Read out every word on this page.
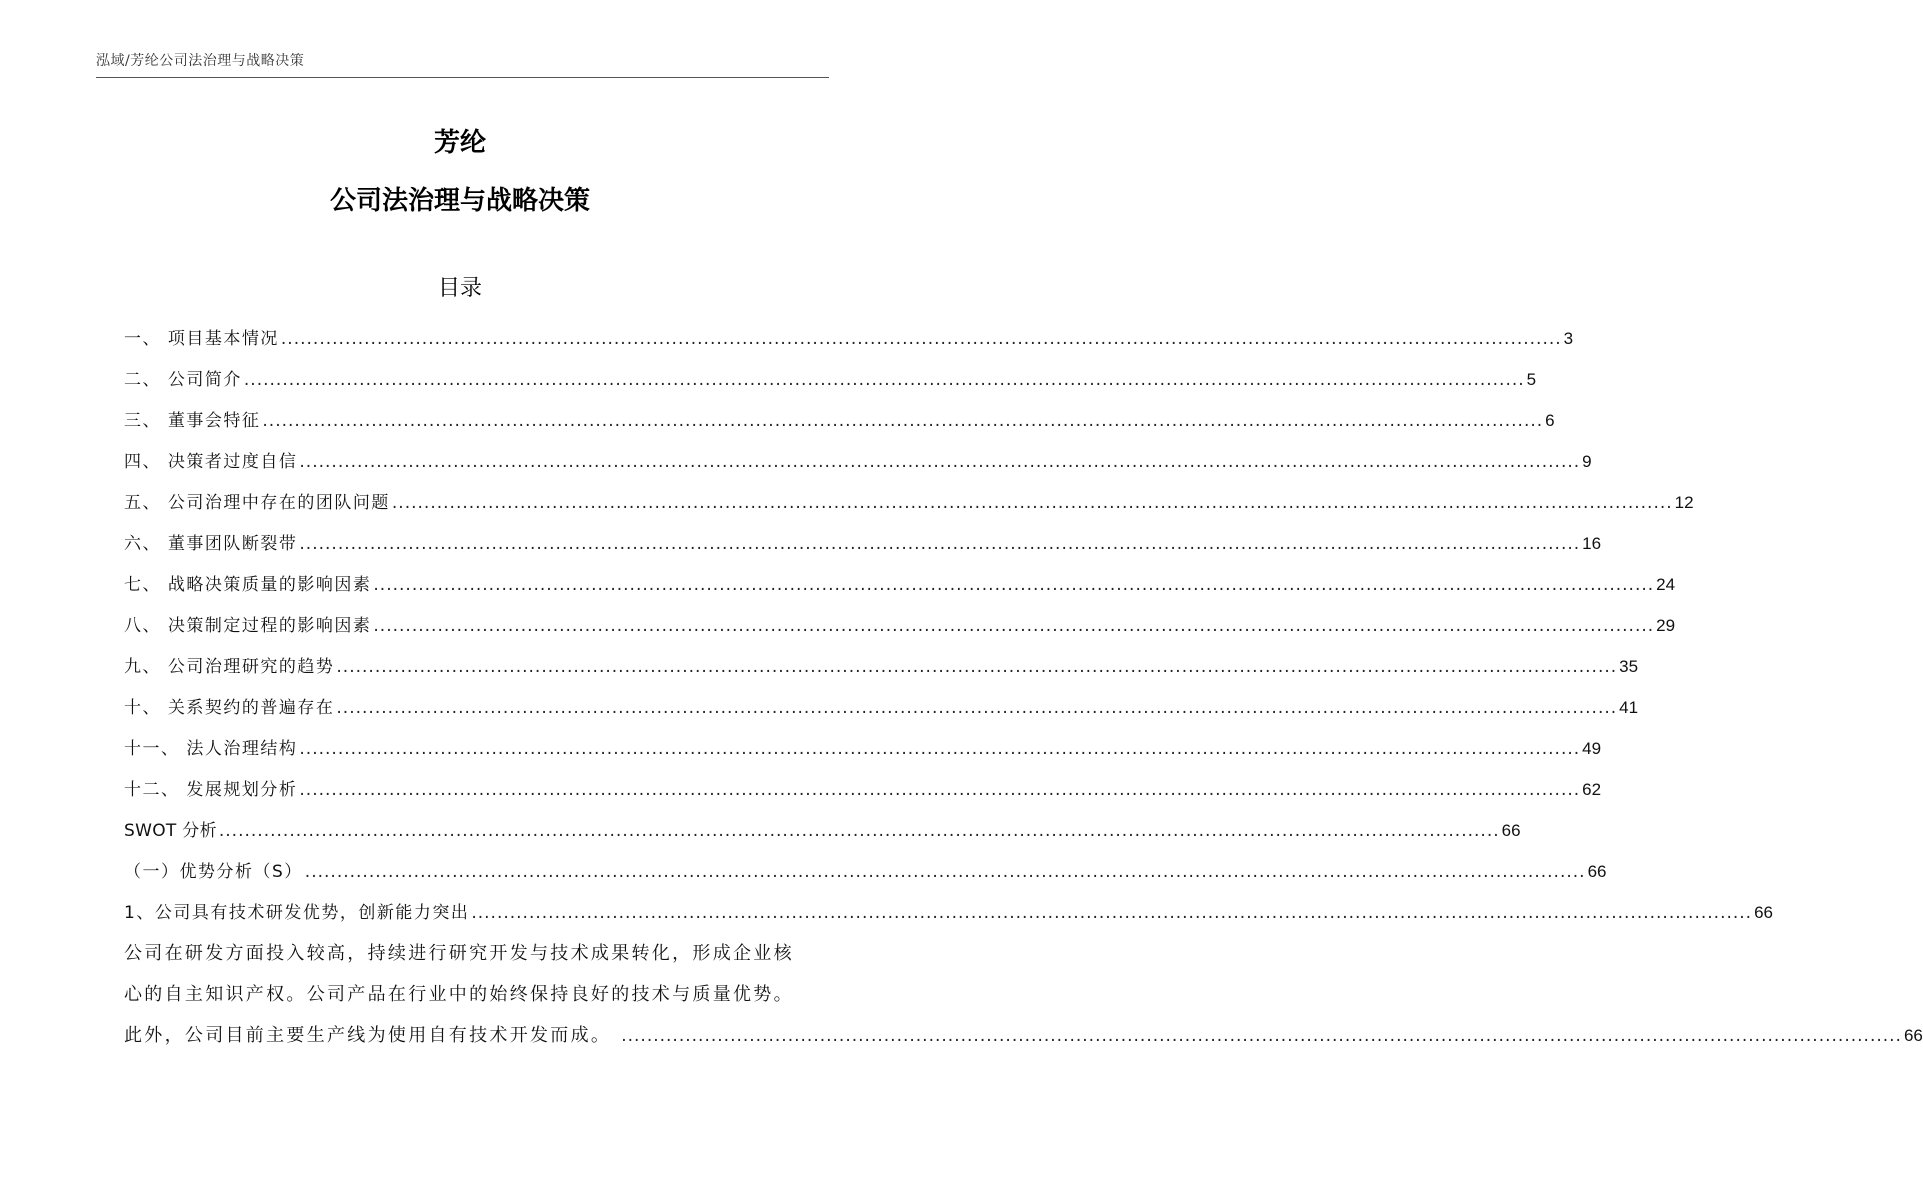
泓域/芳纶公司法治理与战略决策
芳纶
公司法治理与战略决策
目录
一、 项目基本情况 ........................................................................................................................................................................................................ 3
二、 公司简介 ........................................................................................................................................................................................................ 5
三、 董事会特征 ........................................................................................................................................................................................................ 6
四、 决策者过度自信 ........................................................................................................................................................................................................ 9
五、 公司治理中存在的团队问题 ........................................................................................................................................................................................................ 12
六、 董事团队断裂带 ........................................................................................................................................................................................................ 16
七、 战略决策质量的影响因素 ........................................................................................................................................................................................................ 24
八、 决策制定过程的影响因素 ........................................................................................................................................................................................................ 29
九、 公司治理研究的趋势 ........................................................................................................................................................................................................ 35
十、 关系契约的普遍存在 ........................................................................................................................................................................................................ 41
十一、 法人治理结构 ........................................................................................................................................................................................................ 49
十二、 发展规划分析 ........................................................................................................................................................................................................ 62
SWOT 分析 ........................................................................................................................................................................................................ 66
（一）优势分析（S） ........................................................................................................................................................................................................ 66
1、公司具有技术研发优势，创新能力突出 ........................................................................................................................................................................................................ 66
公司在研发方面投入较高，持续进行研究开发与技术成果转化，形成企业核
心的自主知识产权。公司产品在行业中的始终保持良好的技术与质量优势。
此外，公司目前主要生产线为使用自有技术开发而成。 ........................................................................................................................................................................................................ 66
